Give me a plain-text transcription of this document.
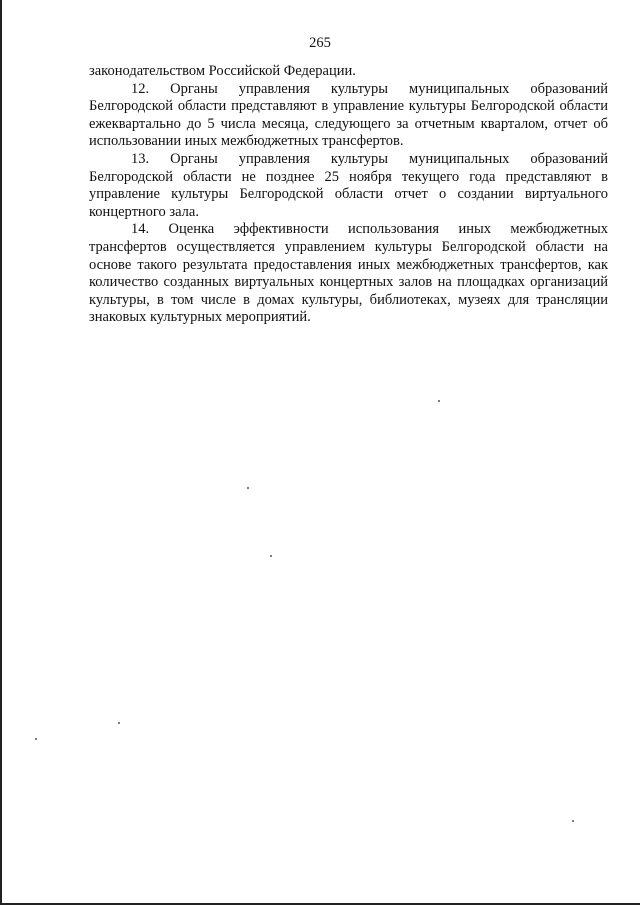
265

законодательством Российской Федерации.

12. Органы управления культуры муниципальных образований Белгородской области представляют в управление культуры Белгородской области ежеквартально до 5 числа месяца, следующего за отчетным кварталом, отчет об использовании иных межбюджетных трансфертов.

13. Органы управления культуры муниципальных образований Белгородской области не позднее 25 ноября текущего года представляют в управление культуры Белгородской области отчет о создании виртуального концертного зала.

14. Оценка эффективности использования иных межбюджетных трансфертов осуществляется управлением культуры Белгородской области на основе такого результата предоставления иных межбюджетных трансфертов, как количество созданных виртуальных концертных залов на площадках организаций культуры, в том числе в домах культуры, библиотеках, музеях для трансляции знаковых культурных мероприятий.
